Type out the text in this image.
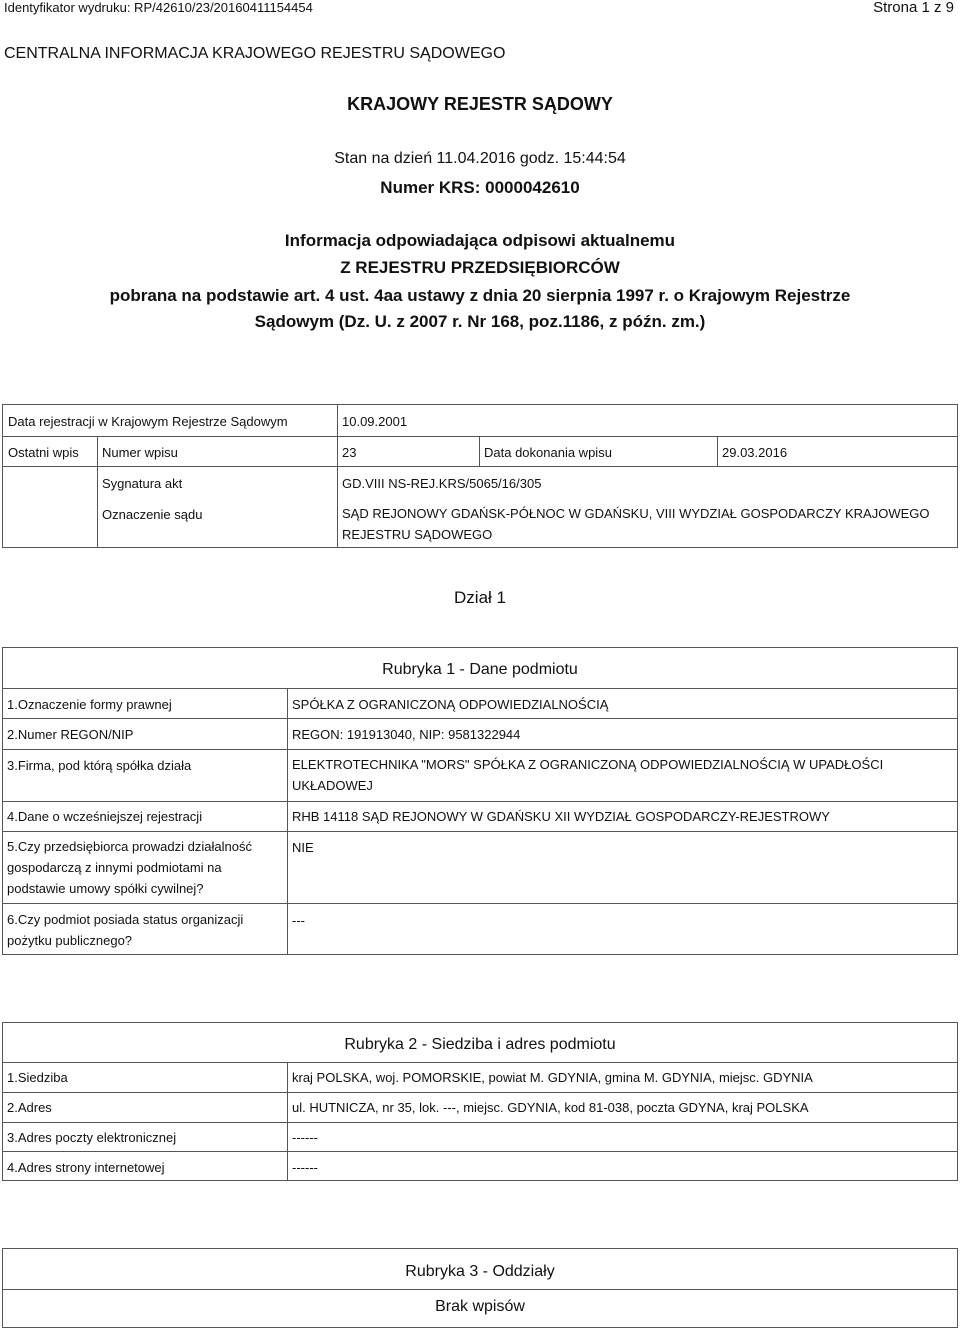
Identyfikator wydruku: RP/42610/23/20160411154454	Strona 1 z 9
CENTRALNA INFORMACJA KRAJOWEGO REJESTRU SĄDOWEGO
KRAJOWY REJESTR SĄDOWY
Stan na dzień 11.04.2016 godz. 15:44:54
Numer KRS: 0000042610
Informacja odpowiadająca odpisowi aktualnemu
Z REJESTRU PRZEDSIĘBIORCÓW
pobrana na podstawie art. 4 ust. 4aa ustawy z dnia 20 sierpnia 1997 r. o Krajowym Rejestrze
Sądowym (Dz. U. z 2007 r. Nr 168, poz.1186, z późn. zm.)
Data rejestracji w Krajowym Rejestrze Sądowym	10.09.2001
Ostatni wpis Numer wpisu	23	Data dokonania wpisu	29.03.2016
Sygnatura akt	GD.VIII NS-REJ.KRS/5065/16/305
Oznaczenie sądu	SĄD REJONOWY GDAŃSK-PÓŁNOC W GDAŃSKU, VIII WYDZIAŁ GOSPODARCZY KRAJOWEGO REJESTRU SĄDOWEGO
Dział 1
Rubryka 1 - Dane podmiotu
1.Oznaczenie formy prawnej	SPÓŁKA Z OGRANICZONĄ ODPOWIEDZIALNOŚCIĄ
2.Numer REGON/NIP	REGON: 191913040, NIP: 9581322944
3.Firma, pod którą spółka działa	ELEKTROTECHNIKA "MORS" SPÓŁKA Z OGRANICZONĄ ODPOWIEDZIALNOŚCIĄ W UPADŁOŚCI UKŁADOWEJ
4.Dane o wcześniejszej rejestracji	RHB 14118 SĄD REJONOWY W GDAŃSKU XII WYDZIAŁ GOSPODARCZY-REJESTROWY
5.Czy przedsiębiorca prowadzi działalność gospodarczą z innymi podmiotami na podstawie umowy spółki cywilnej?
NIE
6.Czy podmiot posiada status organizacji pożytku publicznego?
---
Rubryka 2 - Siedziba i adres podmiotu
1.Siedziba	kraj POLSKA, woj. POMORSKIE, powiat M. GDYNIA, gmina M. GDYNIA, miejsc. GDYNIA
2.Adres	ul. HUTNICZA, nr 35, lok. ---, miejsc. GDYNIA, kod 81-038, poczta GDYNA, kraj POLSKA
3.Adres poczty elektronicznej	------
4.Adres strony internetowej	------
Rubryka 3 - Oddziały
Brak wpisów
